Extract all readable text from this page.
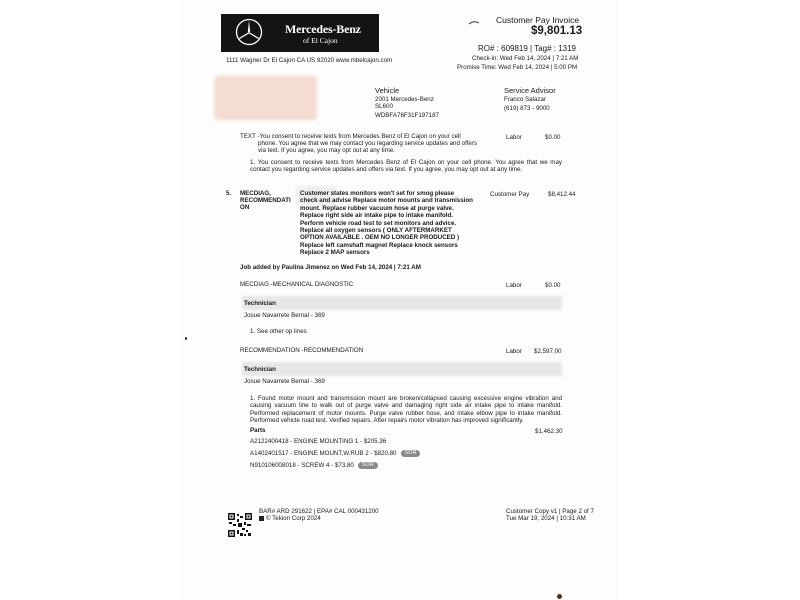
Mercedes-Benz
of El Cajon
1111 Wagner Dr El Cajon CA US 92020 www.mbelcajon.com
Customer Pay Invoice
$9,801.13
RO# : 609819 | Tag# : 1319
Check-in: Wed Feb 14, 2024 | 7:21 AM
Promise Time: Wed Feb 14, 2024 | 5:00 PM
Vehicle
2001 Mercedes-Benz
SL600
WDBFA76F31F197187
Service Advisor
Franco Salazar
(619) 873 - 9000
TEXT -You consent to receive texts from Mercedes Benz of El Cajon on your cell
phone. You agree that we may contact you regarding service updates and offers
via text. If you agree, you may opt out at any time.
Labor	$0.00
1. You consent to receive texts from Mercedes Benz of El Cajon on your cell phone. You agree that we may contact you regarding service updates and offers via text. If you agree, you may opt out at any time.
5. MECDIAG,
RECOMMENDATI
ON
Customer states monitors won't set for smog please
check and advise Replace motor mounts and transmission
mount. Replace rubber vacuum hose at purge valve.
Replace right side air intake pipe to intake manifold.
Perform vehicle road test to set monitors and advice.
Replace all oxygen sensors ( ONLY AFTERMARKET
OPTION AVAILABLE . OEM NO LONGER PRODUCED )
Replace left camshaft magnet Replace knock sensors
Replace 2 MAP sensors
Customer Pay	$8,412.44
Job added by Paulina Jimenez on Wed Feb 14, 2024 | 7:21 AM
MECDIAG -MECHANICAL DIAGNOSTIC	Labor	$0.00
Technician
Josue Navarrete Bernal - 369
1. See other op lines
RECOMMENDATION -RECOMMENDATION	Labor $2,597.00
Technician
Josue Navarrete Bernal - 369
1. Found motor mount and transmission mount are broken/collapsed causing excessive engine vibration and causing vacuum line to walk out of purge valve and damaging right side air intake pipe to intake manifold. Performed replacement of motor mounts. Purge valve rubber hose, and intake elbow pipe to intake manifold. Performed vehicle road test. Verified repairs. After repairs motor vibration has improved significantly.
Parts	$1,462.30
A2122400418 - ENGINE MOUNTING 1 - $205.36
A1402401517 - ENGINE MOUNT,W.RUB 2 - $820.80 SOR
N910106008018 - SCREW 4 - $73.80 SOR
BAR# ARD 291622 | EPA# CAL 000431200
© Tekion Corp 2024
Customer Copy v1 | Page 2 of 7
Tue Mar 19, 2024 | 10:31 AM
